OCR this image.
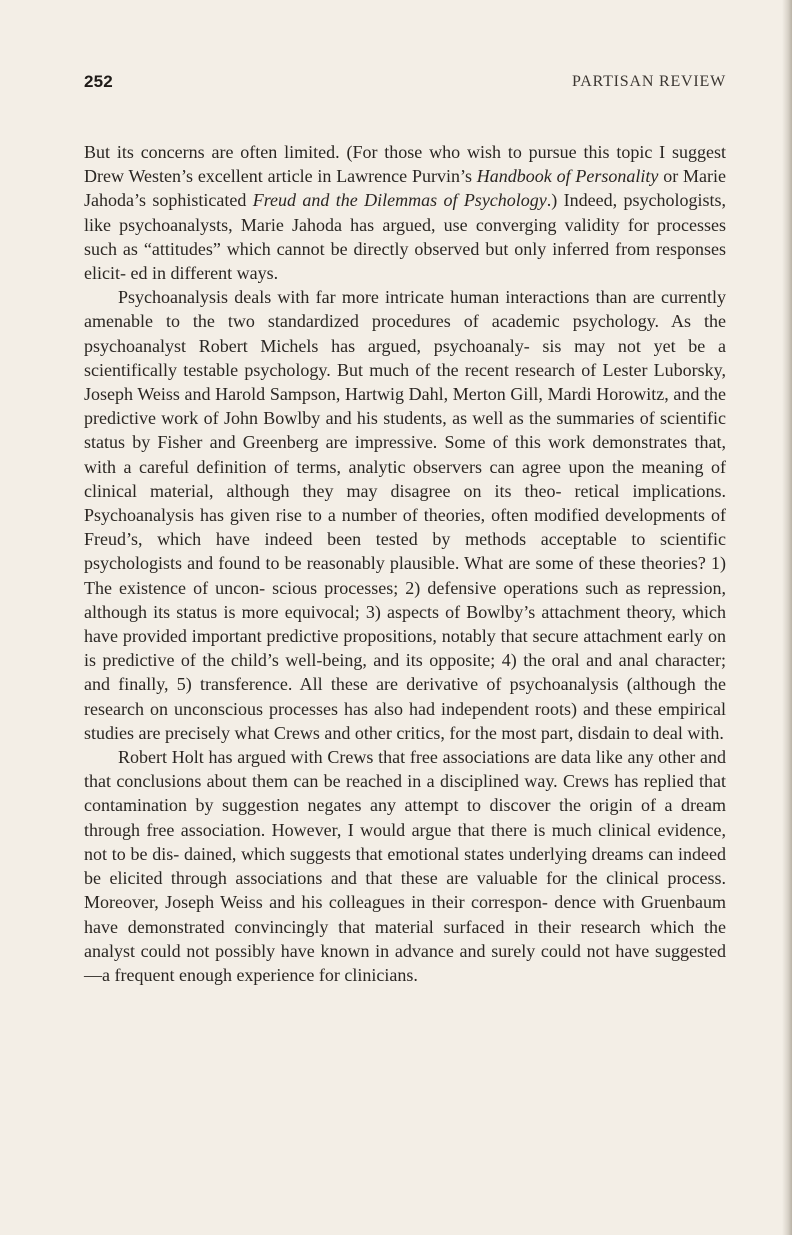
252	PARTISAN REVIEW

But its concerns are often limited. (For those who wish to pursue this topic I suggest Drew Westen’s excellent article in Lawrence Purvin’s Handbook of Personality or Marie Jahoda’s sophisticated Freud and the Dilemmas of Psychology.) Indeed, psychologists, like psychoanalysts, Marie Jahoda has argued, use converging validity for processes such as “attitudes” which cannot be directly observed but only inferred from responses elicit- ed in different ways.

Psychoanalysis deals with far more intricate human interactions than are currently amenable to the two standardized procedures of academic psychology. As the psychoanalyst Robert Michels has argued, psychoanaly- sis may not yet be a scientifically testable psychology. But much of the recent research of Lester Luborsky, Joseph Weiss and Harold Sampson, Hartwig Dahl, Merton Gill, Mardi Horowitz, and the predictive work of John Bowlby and his students, as well as the summaries of scientific status by Fisher and Greenberg are impressive. Some of this work demonstrates that, with a careful definition of terms, analytic observers can agree upon the meaning of clinical material, although they may disagree on its theo- retical implications. Psychoanalysis has given rise to a number of theories, often modified developments of Freud’s, which have indeed been tested by methods acceptable to scientific psychologists and found to be reasonably plausible. What are some of these theories? 1) The existence of uncon- scious processes; 2) defensive operations such as repression, although its status is more equivocal; 3) aspects of Bowlby’s attachment theory, which have provided important predictive propositions, notably that secure attachment early on is predictive of the child’s well-being, and its opposite; 4) the oral and anal character; and finally, 5) transference. All these are derivative of psychoanalysis (although the research on unconscious processes has also had independent roots) and these empirical studies are precisely what Crews and other critics, for the most part, disdain to deal with.

Robert Holt has argued with Crews that free associations are data like any other and that conclusions about them can be reached in a disciplined way. Crews has replied that contamination by suggestion negates any attempt to discover the origin of a dream through free association. However, I would argue that there is much clinical evidence, not to be dis- dained, which suggests that emotional states underlying dreams can indeed be elicited through associations and that these are valuable for the clinical process. Moreover, Joseph Weiss and his colleagues in their correspon- dence with Gruenbaum have demonstrated convincingly that material surfaced in their research which the analyst could not possibly have known in advance and surely could not have suggested—a frequent enough experience for clinicians.
